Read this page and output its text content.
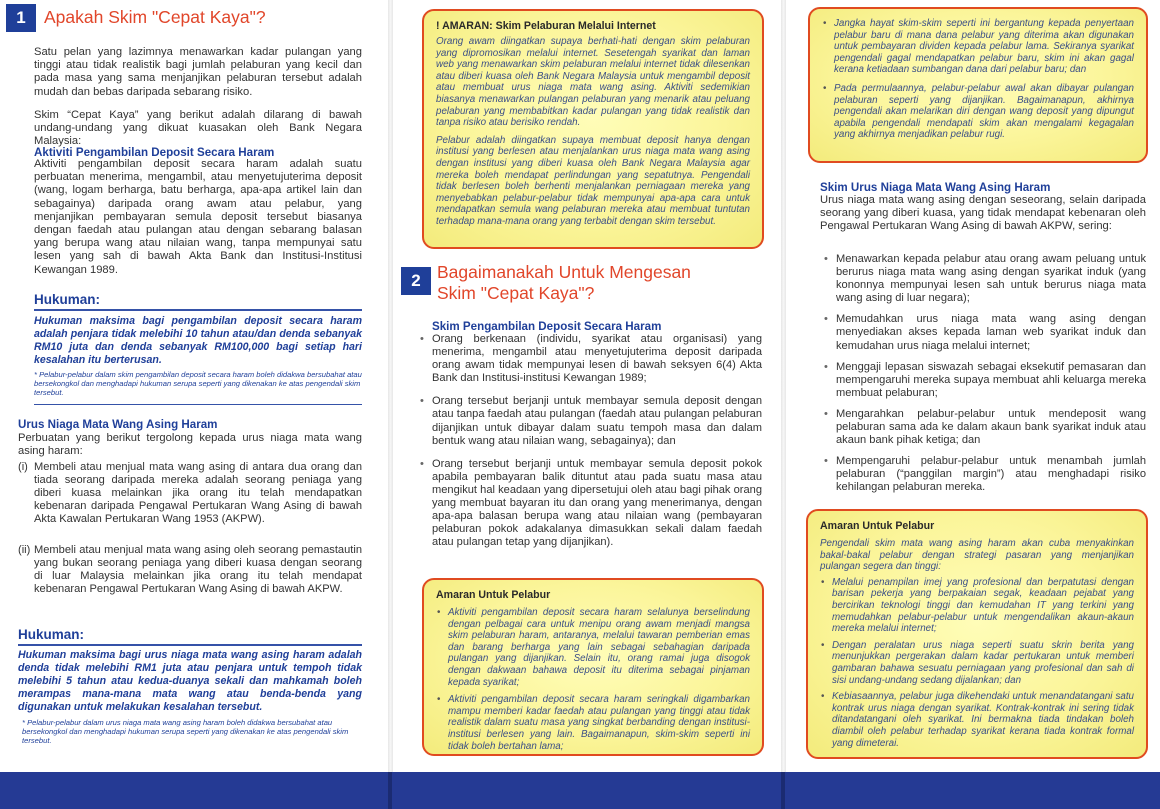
1	Apakah Skim "Cepat Kaya"?

Satu pelan yang lazimnya menawarkan kadar pulangan yang tinggi atau tidak realistik bagi jumlah pelaburan yang kecil dan pada masa yang sama menjanjikan pelaburan tersebut adalah mudah dan bebas daripada sebarang risiko.

Skim “Cepat Kaya” yang berikut adalah dilarang di bawah undang-undang yang dikuat kuasakan oleh Bank Negara Malaysia:

Aktiviti Pengambilan Deposit Secara Haram

Aktiviti pengambilan deposit secara haram adalah suatu perbuatan menerima, mengambil, atau menyetujuterima deposit (wang, logam berharga, batu berharga, apa-apa artikel lain dan sebagainya) daripada orang awam atau pelabur, yang menjanjikan pembayaran semula deposit tersebut biasanya dengan faedah atau pulangan atau dengan sebarang balasan yang berupa wang atau nilaian wang, tanpa mempunyai satu lesen yang sah di bawah Akta Bank dan Institusi-Institusi Kewangan 1989.

Hukuman:

Hukuman maksima bagi pengambilan deposit secara haram adalah penjara tidak melebihi 10 tahun atau/dan denda sebanyak RM10 juta dan denda sebanyak RM100,000 bagi setiap hari kesalahan itu berterusan.

* Pelabur-pelabur dalam skim pengambilan deposit secara haram boleh didakwa bersubahat atau bersekongkol dan menghadapi hukuman serupa seperti yang dikenakan ke atas pengendali skim tersebut.

Urus Niaga Mata Wang Asing Haram

Perbuatan yang berikut tergolong kepada urus niaga mata wang asing haram:

(i) Membeli atau menjual mata wang asing di antara dua orang dan tiada seorang daripada mereka adalah seorang peniaga yang diberi kuasa melainkan jika orang itu telah mendapatkan kebenaran daripada Pengawal Pertukaran Wang Asing di bawah Akta Kawalan Pertukaran Wang 1953 (AKPW).
(ii) Membeli atau menjual mata wang asing oleh seorang pemastautin yang bukan seorang peniaga yang diberi kuasa dengan seorang di luar Malaysia melainkan jika orang itu telah mendapat kebenaran Pengawal Pertukaran Wang Asing di bawah AKPW.
Hukuman:

Hukuman maksima bagi urus niaga mata wang asing haram adalah denda tidak melebihi RM1 juta atau penjara untuk tempoh tidak melebihi 5 tahun atau kedua-duanya sekali dan mahkamah boleh merampas mana-mana mata wang atau benda-benda yang digunakan untuk melakukan kesalahan tersebut.

* Pelabur-pelabur dalam urus niaga mata wang asing haram boleh didakwa bersubahat atau bersekongkol dan menghadapi hukuman serupa seperti yang dikenakan ke atas pengendali skim tersebut.

! AMARAN: Skim Pelaburan Melalui Internet

Orang awam diingatkan supaya berhati-hati dengan skim pelaburan yang dipromosikan melalui internet. Sesetengah syarikat dan laman web yang menawarkan skim pelaburan melalui internet tidak dilesenkan atau diberi kuasa oleh Bank Negara Malaysia untuk mengambil deposit atau membuat urus niaga mata wang asing. Aktiviti sedemikian biasanya menawarkan pulangan pelaburan yang menarik atau peluang pelaburan yang membabitkan kadar pulangan yang tidak realistik dan tanpa risiko atau berisiko rendah.

Pelabur adalah diingatkan supaya membuat deposit hanya dengan institusi yang berlesen atau menjalankan urus niaga mata wang asing dengan institusi yang diberi kuasa oleh Bank Negara Malaysia agar mereka boleh mendapat perlindungan yang sepatutnya. Pengendali tidak berlesen boleh berhenti menjalankan perniagaan mereka yang menyebabkan pelabur-pelabur tidak mempunyai apa-apa cara untuk mendapatkan semula wang pelaburan mereka atau membuat tuntutan terhadap mana-mana orang yang terbabit dengan skim tersebut.

2 Bagaimanakah Untuk Mengesan
Skim "Cepat Kaya"?
Skim Pengambilan Deposit Secara Haram
• Orang berkenaan (individu, syarikat atau organisasi) yang menerima, mengambil atau menyetujuterima deposit daripada orang awam tidak mempunyai lesen di bawah seksyen 6(4) Akta Bank dan Institusi-institusi Kewangan 1989;
• Orang tersebut berjanji untuk membayar semula deposit dengan atau tanpa faedah atau pulangan (faedah atau pulangan pelaburan dijanjikan untuk dibayar dalam suatu tempoh masa dan dalam bentuk wang atau nilaian wang, sebagainya); dan
• Orang tersebut berjanji untuk membayar semula deposit pokok apabila pembayaran balik dituntut atau pada suatu masa atau mengikut hal keadaan yang dipersetujui oleh atau bagi pihak orang yang membuat bayaran itu dan orang yang menerimanya, dengan apa-apa balasan berupa wang atau nilaian wang (pembayaran pelaburan pokok adakalanya dimasukkan sekali dalam faedah atau pulangan tetap yang dijanjikan).
Amaran Untuk Pelabur
• Aktiviti pengambilan deposit secara haram selalunya berselindung dengan pelbagai cara untuk menipu orang awam menjadi mangsa skim pelaburan haram, antaranya, melalui tawaran pemberian emas dan barang berharga yang lain sebagai sebahagian daripada pulangan yang dijanjikan. Selain itu, orang ramai juga disogok dengan dakwaan bahawa deposit itu diterima sebagai pinjaman kepada syarikat;
• Aktiviti pengambilan deposit secara haram seringkali digambarkan mampu memberi kadar faedah atau pulangan yang tinggi atau tidak realistik dalam suatu masa yang singkat berbanding dengan institusi-institusi berlesen yang lain. Bagaimanapun, skim-skim seperti ini tidak boleh bertahan lama;
• Jangka hayat skim-skim seperti ini bergantung kepada penyertaan pelabur baru di mana dana pelabur yang diterima akan digunakan untuk pembayaran dividen kepada pelabur lama. Sekiranya syarikat pengendali gagal mendapatkan pelabur baru, skim ini akan gagal kerana ketiadaan sumbangan dana dari pelabur baru; dan
• Pada permulaannya, pelabur-pelabur awal akan dibayar pulangan pelaburan seperti yang dijanjikan. Bagaimanapun, akhirnya pengendali akan melarikan diri dengan wang deposit yang dipungut apabila pengendali mendapati skim akan mengalami kegagalan yang akhirnya menjadikan pelabur rugi.
Skim Urus Niaga Mata Wang Asing Haram

Urus niaga mata wang asing dengan seseorang, selain daripada seorang yang diberi kuasa, yang tidak mendapat kebenaran oleh Pengawal Pertukaran Wang Asing di bawah AKPW, sering:

• Menawarkan kepada pelabur atau orang awam peluang untuk berurus niaga mata wang asing dengan syarikat induk (yang kononnya mempunyai lesen sah untuk berurus niaga mata wang asing di luar negara);
• Memudahkan urus niaga mata wang asing dengan menyediakan akses kepada laman web syarikat induk dan kemudahan urus niaga melalui internet;
• Menggaji lepasan siswazah sebagai eksekutif pemasaran dan mempengaruhi mereka supaya membuat ahli keluarga mereka membuat pelaburan;
• Mengarahkan pelabur-pelabur untuk mendeposit wang pelaburan sama ada ke dalam akaun bank syarikat induk atau akaun bank pihak ketiga; dan
• Mempengaruhi pelabur-pelabur untuk menambah jumlah pelaburan (“panggilan margin”) atau menghadapi risiko kehilangan pelaburan mereka.
Amaran Untuk Pelabur

Pengendali skim mata wang asing haram akan cuba menyakinkan bakal-bakal pelabur dengan strategi pasaran yang menjanjikan pulangan segera dan tinggi:

• Melalui penampilan imej yang profesional dan berpatutasi dengan barisan pekerja yang berpakaian segak, keadaan pejabat yang bercirikan teknologi tinggi dan kemudahan IT yang terkini yang memudahkan pelabur-pelabur untuk mengendalikan akaun-akaun mereka melalui internet;
• Dengan peralatan urus niaga seperti suatu skrin berita yang menunjukkan pergerakan dalam kadar pertukaran untuk memberi gambaran bahawa sesuatu perniagaan yang profesional dan sah di sisi undang-undang sedang dijalankan; dan
• Kebiasaannya, pelabur juga dikehendaki untuk menandatangani satu kontrak urus niaga dengan syarikat. Kontrak-kontrak ini sering tidak ditandatangani oleh syarikat. Ini bermakna tiada tindakan boleh diambil oleh pelabur terhadap syarikat kerana tiada kontrak formal yang dimeterai.
